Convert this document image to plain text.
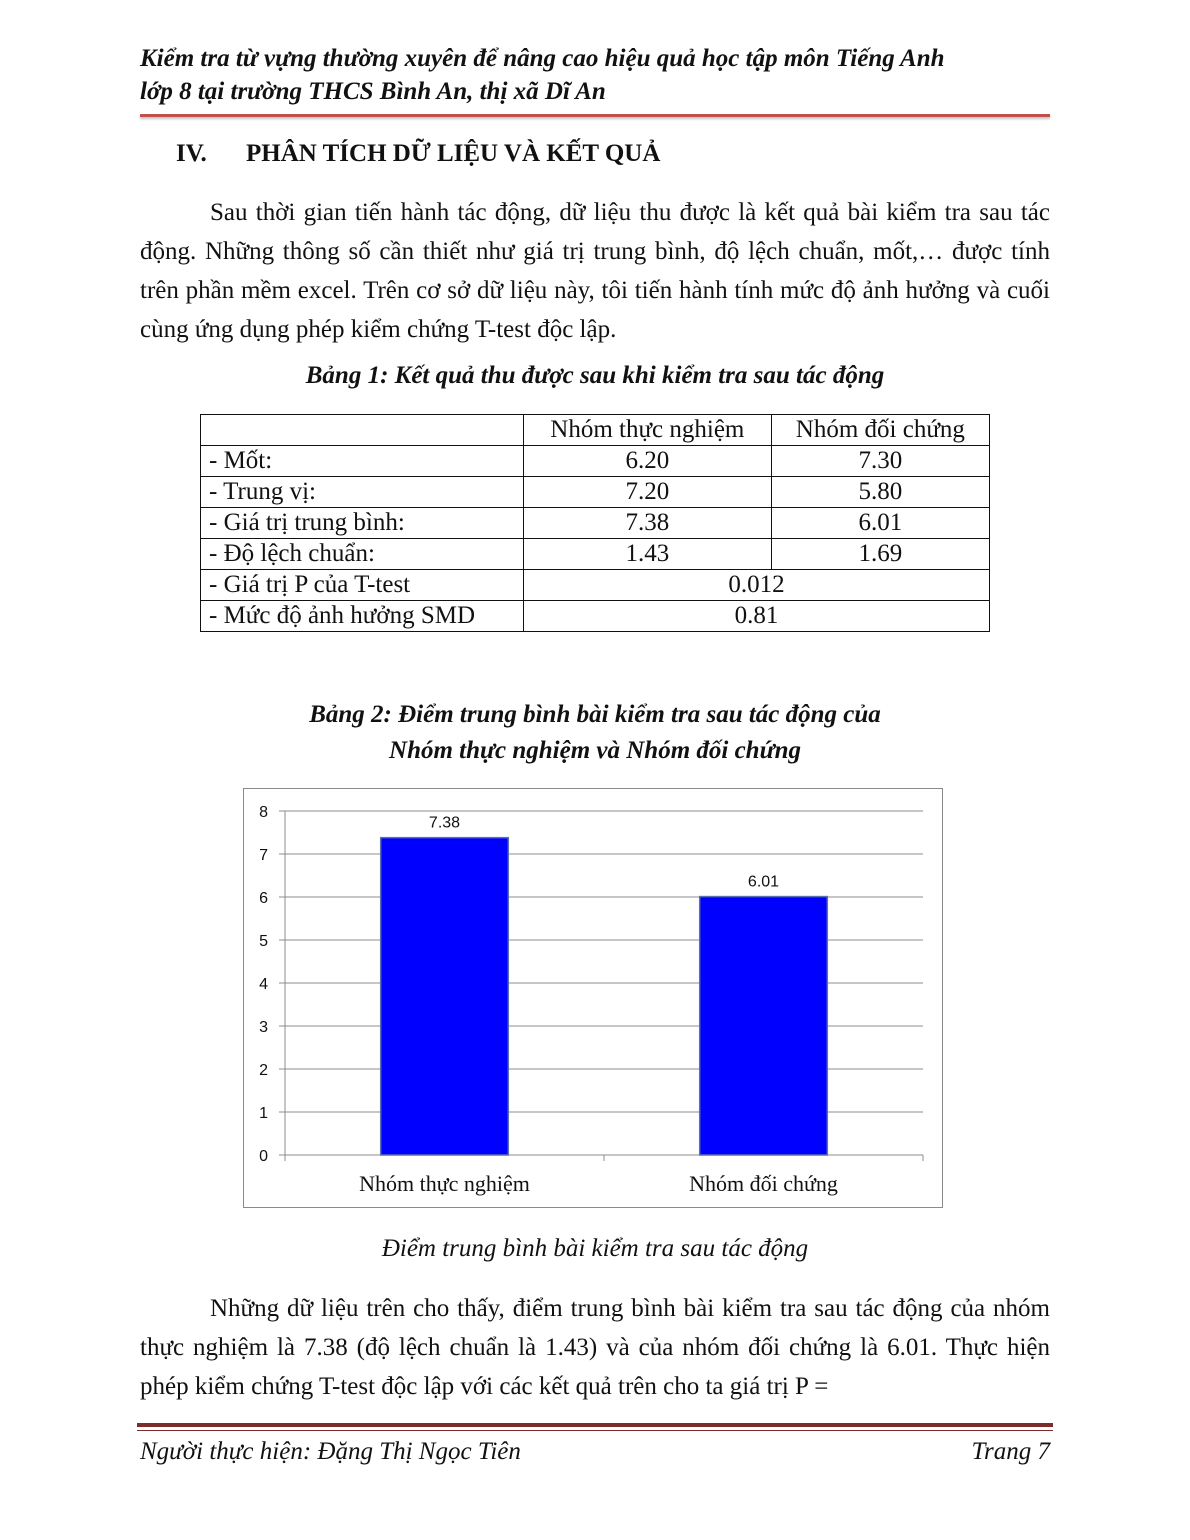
Kiểm tra từ vựng thường xuyên để nâng cao hiệu quả học tập môn Tiếng Anh
lớp 8 tại trường THCS Bình An, thị xã Dĩ An
IV. PHÂN TÍCH DỮ LIỆU VÀ KẾT QUẢ
Sau thời gian tiến hành tác động, dữ liệu thu được là kết quả bài kiểm tra sau tác động. Những thông số cần thiết như giá trị trung bình, độ lệch chuẩn, mốt,… được tính trên phần mềm excel. Trên cơ sở dữ liệu này, tôi tiến hành tính mức độ ảnh hưởng và cuối cùng ứng dụng phép kiểm chứng T-test độc lập.
Bảng 1: Kết quả thu được sau khi kiểm tra sau tác động
	Nhóm thực nghiệm	Nhóm đối chứng
- Mốt:	6.20	7.30
- Trung vị:	7.20	5.80
- Giá trị trung bình:	7.38	6.01
- Độ lệch chuẩn:	1.43	1.69
- Giá trị P của T-test	0.012	
- Mức độ ảnh hưởng SMD	0.81	
Bảng 2: Điểm trung bình bài kiểm tra sau tác động của
Nhóm thực nghiệm và Nhóm đối chứng
0
1
2
3
4
5
6
7
8
7.38
Nhóm thực nghiệm
6.01
Nhóm đối chứng
Điểm trung bình bài kiểm tra sau tác động
Những dữ liệu trên cho thấy, điểm trung bình bài kiểm tra sau tác động của nhóm thực nghiệm là 7.38 (độ lệch chuẩn là 1.43) và của nhóm đối chứng là 6.01. Thực hiện phép kiểm chứng T-test độc lập với các kết quả trên cho ta giá trị P =
Người thực hiện: Đặng Thị Ngọc Tiên	Trang 7
